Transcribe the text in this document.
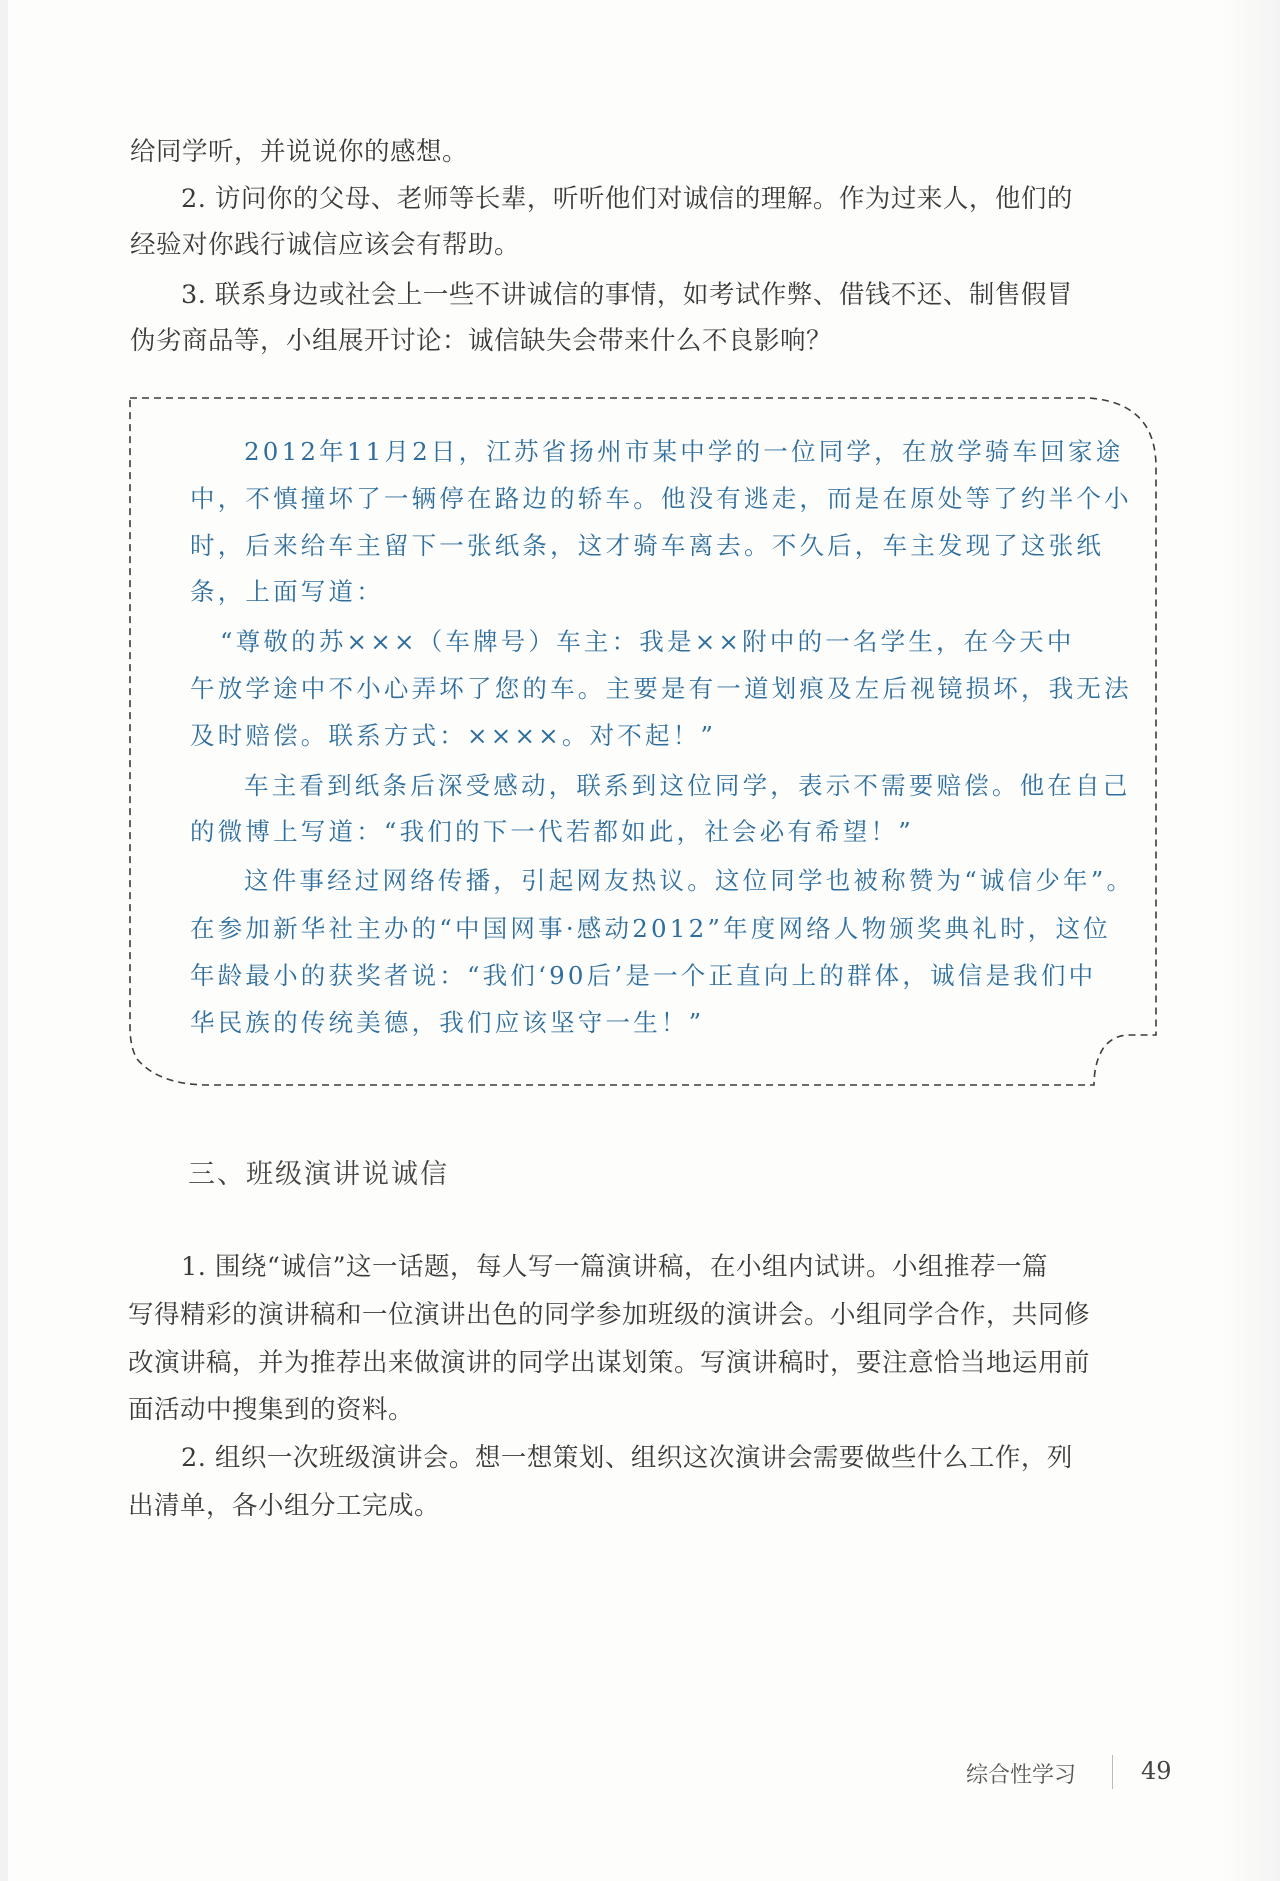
给同学听，并说说你的感想。
2. 访问你的父母、老师等长辈，听听他们对诚信的理解。作为过来人，他们的
经验对你践行诚信应该会有帮助。
3. 联系身边或社会上一些不讲诚信的事情，如考试作弊、借钱不还、制售假冒
伪劣商品等，小组展开讨论：诚信缺失会带来什么不良影响？
2012年11月2日，江苏省扬州市某中学的一位同学，在放学骑车回家途
中，不慎撞坏了一辆停在路边的轿车。他没有逃走，而是在原处等了约半个小
时，后来给车主留下一张纸条，这才骑车离去。不久后，车主发现了这张纸
条，上面写道：
“尊敬的苏×××（车牌号）车主：我是××附中的一名学生，在今天中
午放学途中不小心弄坏了您的车。主要是有一道划痕及左后视镜损坏，我无法
及时赔偿。联系方式：××××。对不起！”
车主看到纸条后深受感动，联系到这位同学，表示不需要赔偿。他在自己
的微博上写道：“我们的下一代若都如此，社会必有希望！”
这件事经过网络传播，引起网友热议。这位同学也被称赞为“诚信少年”。
在参加新华社主办的“中国网事·感动2012”年度网络人物颁奖典礼时，这位
年龄最小的获奖者说：“我们‘90后’是一个正直向上的群体，诚信是我们中
华民族的传统美德，我们应该坚守一生！”
三、班级演讲说诚信
1. 围绕“诚信”这一话题，每人写一篇演讲稿，在小组内试讲。小组推荐一篇
写得精彩的演讲稿和一位演讲出色的同学参加班级的演讲会。小组同学合作，共同修
改演讲稿，并为推荐出来做演讲的同学出谋划策。写演讲稿时，要注意恰当地运用前
面活动中搜集到的资料。
2. 组织一次班级演讲会。想一想策划、组织这次演讲会需要做些什么工作，列
出清单，各小组分工完成。
综合性学习	49
